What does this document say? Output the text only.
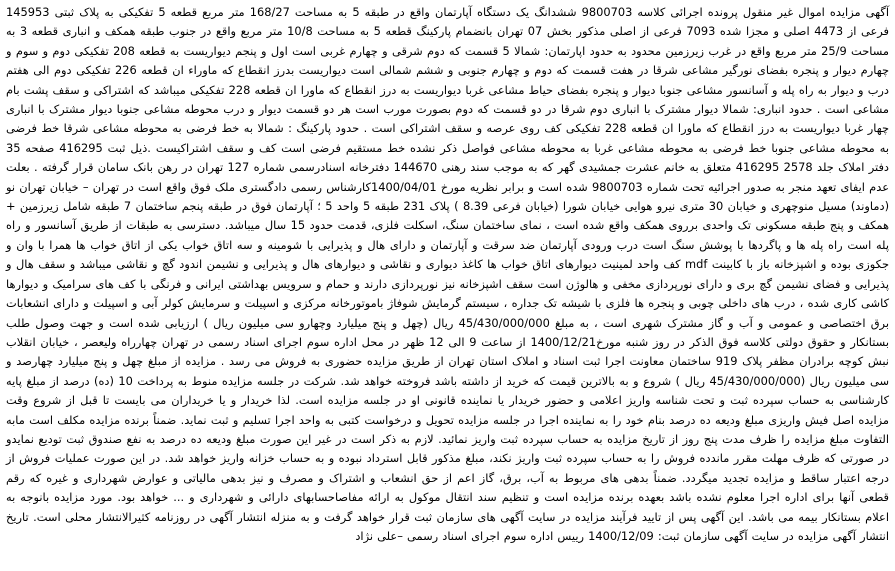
آگهی مزایده اموال غیر منقول پرونده اجرائی کلاسه 9800703 ششدانگ یک دستگاه آپارتمان واقع در طبقه 5 به مساحت 168/27 متر مربع قطعه 5 تفکیکی به پلاک ثبتی 145953 فرعی از 4473 اصلی و مجزا شده 7093 فرعی از اصلی مذکور بخش 07 تهران بانضمام پارکینگ قطعه 5 به مساحت 10/8 متر مربع واقع در جنوب طبقه همکف و انباری قطعه 3 به مساحت 25/9 متر مربع واقع در غرب زیرزمین محدود به حدود اپارتمان: شمالا 5 قسمت که دوم شرقی و چهارم غربی است اول و پنجم دیواریست به قطعه 208 تفکیکی دوم و سوم و چهارم دیوار و پنجره بفضای نورگیر مشاعی شرقا در هفت قسمت که دوم و چهارم جنوبی و ششم شمالی است دیواریست بدرز انقطاع که ماوراء ان قطعه 226 تفکیکی دوم الی هفتم درب و دیوار به راه پله و آسانسور مشاعی جنوبا دیوار و پنجره بفضای حیاط مشاعی غربا دیواریست به درز انقطاع که ماورا ان قطعه 228 تفکیکی میباشد که اشتراکی و سقف پشت بام مشاعی است . حدود انباری: شمالا دیوار مشترک با انباری دوم شرقا در دو قسمت که دوم بصورت مورب است هر دو قسمت دیوار و درب محوطه مشاعی جنوبا دیوار مشترک با انباری چهار غربا دیواریست به درز انقطاع که ماورا ان قطعه 228 تفکیکی کف روی عرصه و سقف اشتراکی است . حدود پارکینگ : شمالا به خط فرضی به محوطه مشاعی شرقا خط فرضی به محوطه مشاعی جنوبا خط فرضی به محوطه مشاعی غربا به محوطه مشاعی فواصل ذکر نشده خط مستقیم فرضی است کف و سقف اشتراکیست .ذیل ثبت 416295 صفحه 35 دفتر املاک جلد 2578 416295 متعلق به خانم عشرت جمشیدی گهر که به موجب سند رهنی 144670 دفترخانه اسنادرسمی شماره 127 تهران در رهن بانک سامان قرار گرفته . بعلت عدم ایفای تعهد منجر به صدور اجرائیه تحت شماره 9800703 شده است و برابر نظریه مورخ 1400/04/01کارشناس رسمی دادگستری ملک فوق واقع است در تهران – خیابان تهران نو (دماوند) مسیل منوچهری و خیابان 30 متری نیرو هوایی خیابان شورا (خیابان فرعی 8.39 ) پلاک 231 طبقه 5 واحد 5 ؛ آپارتمان فوق در طبقه پنجم ساختمان 7 طبقه شامل زیرزمین + همکف و پنج طبقه مسکونی تک واحدی برروی همکف واقع شده است ، نمای ساختمان سنگ، اسکلت فلزی، قدمت حدود 15 سال میباشد. دسترسی به طبقات از طریق آسانسور و راه پله است راه پله ها و پاگردها با پوشش سنگ است درب ورودی آپارتمان ضد سرقت و آپارتمان و دارای هال و پذیرایی با شومینه و سه اتاق خواب یکی از اتاق خواب ها همرا با وان و جکوزی بوده و اشپزخانه باز با کابینت mdf کف واحد لمینیت دیوارهای اتاق خواب ها کاغذ دیواری و نقاشی و دیوارهای هال و پذیرایی و نشیمن اندود گچ و نقاشی میباشد و سقف هال و پذیرایی و فضای نشیمن گچ بری و دارای نورپردازی مخفی و هالوژن است سقف اشپزخانه نیز نورپردازی دارند و حمام و سرویس بهداشتی ایرانی و فرنگی با کف های سرامیک و دیوارها کاشی کاری شده ، درب های داخلی چوبی و پنجره ها فلزی با شیشه تک جداره ، سیستم گرمایش شوفاژ باموتورخانه مرکزی و اسپیلت و سرمایش کولر آبی و اسپیلت و دارای انشعابات برق اختصاصی و عمومی و آب و گاز مشترک شهری است ، به مبلغ 45/430/000/000 ریال (چهل و پنج میلیارد وچهارو سی میلیون ریال ) ارزیابی شده است و جهت وصول طلب بستانکار و حقوق دولتی کلاسه فوق الذکر در روز شنبه مورخ1400/12/21 از ساعت 9 الی 12 ظهر در محل اداره سوم اجرای اسناد رسمی در تهران چهارراه ولیعصر ، خیابان انقلاب نبش کوچه برادران مظفر پلاک 919 ساختمان معاونت اجرا ثبت اسناد و املاک استان تهران از طریق مزایده حضوری به فروش می رسد . مزایده از مبلغ چهل و پنج میلیارد چهارصد و سی میلیون ریال (45/430/000/000 ریال ) شروع و به بالاترین قیمت که خرید از داشته باشد فروخته خواهد شد. شرکت در جلسه مزایده منوط به پرداخت 10 (ده) درصد از مبلغ پایه کارشناسی به حساب سپرده ثبت و تحت شناسه واریز اعلامی و حضور خریدار یا نماینده قانونی او در جلسه مزایده است. لذا خریدار و یا خریداران می بایست تا قبل از شروع وقت مزایده اصل فیش واریزی مبلغ ودیعه ده درصد بنام خود را به نماینده اجرا در جلسه مزایده تحویل و درخواست کتبی به واحد اجرا تسلیم و ثبت نماید. ضمناً برنده مزایده مکلف است مابه التفاوت مبلغ مزایده را ظرف مدت پنج روز از تاریخ مزایده به حساب سپرده ثبت واریز نمائید. لازم به ذکر است در غیر این صورت مبلغ ودیعه ده درصد به نفع صندوق ثبت توديع نمايدو در صورتی که ظرف مهلت مقرر ماندده فروش را به حساب سپرده ثبت واریز نکند، مبلغ مذکور قابل استرداد نبوده و به حساب خزانه واریز خواهد شد. در این صورت عملیات فروش از درجه اعتبار ساقط و مزایده تجدید میگردد. ضمناً بدهی های مربوط به آب، برق، گاز اعم از حق انشعاب و اشتراک و مصرف و نیز بدهی مالیاتی و عوارض شهرداری و غیره که رقم قطعی آنها برای اداره اجرا معلوم نشده باشد بعهده برنده مزایده است و تنظیم سند انتقال موکول به ارائه مفاصاحسابهای دارائی و شهرداری و ... خواهد بود. مورد مزایده بانوجه به اعلام بستانکار بیمه می باشد. این آگهی پس از تایید فرآیند مزایده در سایت آگهی های سازمان ثبت قرار خواهد گرفت و به منزله انتشار آگهی در روزنامه کثیرالانتشار محلی است. تاریخ انتشار آگهی مزایده در سایت آگهی سازمان ثبت: 1400/12/09 رییس اداره سوم اجرای اسناد رسمی –علی نژاد
